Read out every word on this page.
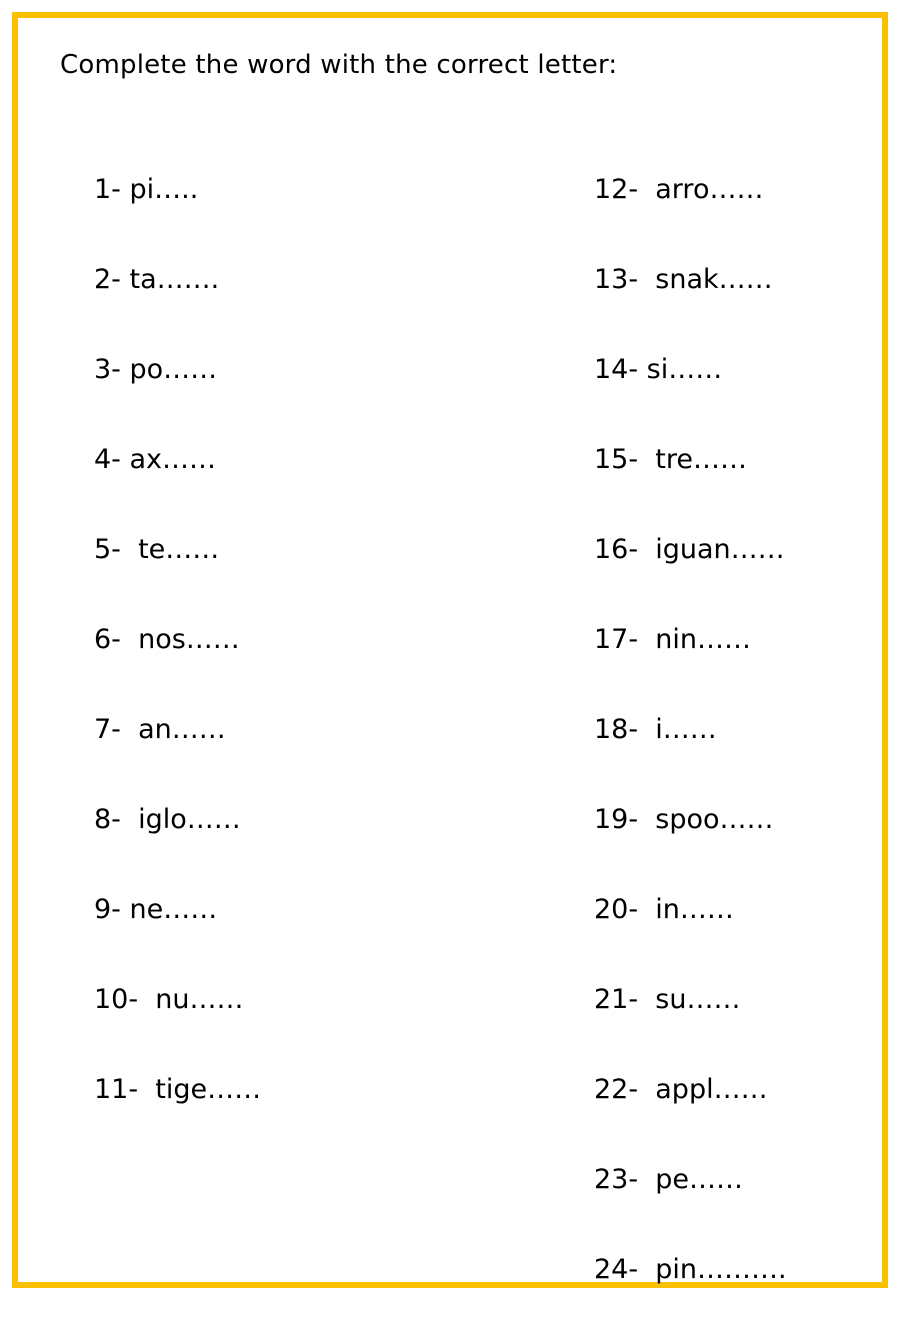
Complete the word with the correct letter:
1- pi…..
2- ta…….
3- po……
4- ax……
5-  te……
6-  nos……
7-  an……
8-  iglo……
9- ne……
10-  nu……
11-  tige……
12-  arro……
13-  snak……
14- si……
15-  tre……
16-  iguan……
17-  nin……
18-  i……
19-  spoo……
20-  in……
21-  su……
22-  appl……
23-  pe……
24-  pin……….
